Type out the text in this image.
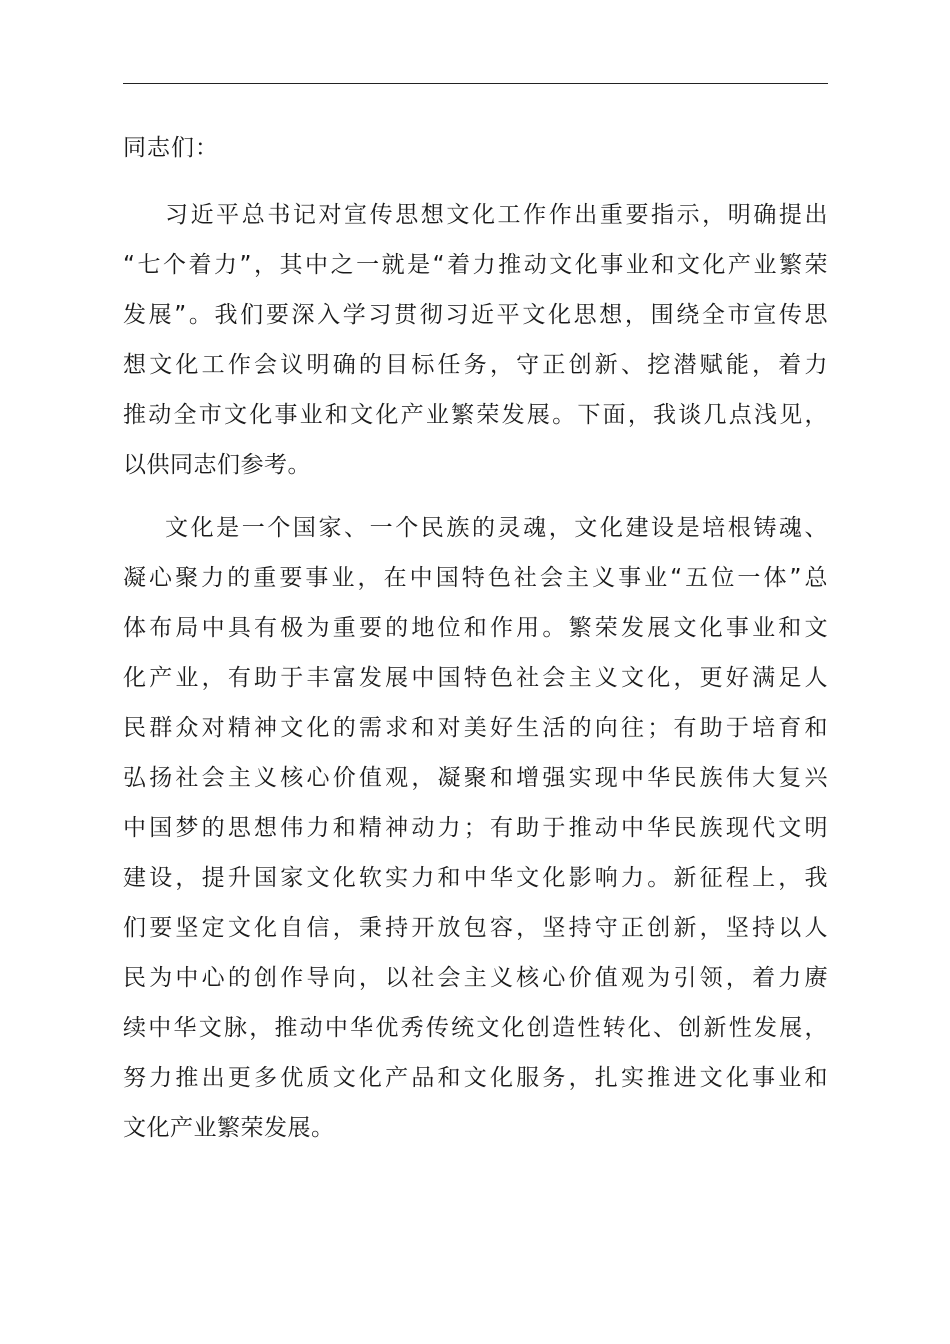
同志们：
习近平总书记对宣传思想文化工作作出重要指示，明确提出
“七个着力”，其中之一就是“着力推动文化事业和文化产业繁荣
发展”。我们要深入学习贯彻习近平文化思想，围绕全市宣传思
想文化工作会议明确的目标任务，守正创新、挖潜赋能，着力
推动全市文化事业和文化产业繁荣发展。下面，我谈几点浅见，
以供同志们参考。
文化是一个国家、一个民族的灵魂，文化建设是培根铸魂、
凝心聚力的重要事业，在中国特色社会主义事业“五位一体”总
体布局中具有极为重要的地位和作用。繁荣发展文化事业和文
化产业，有助于丰富发展中国特色社会主义文化，更好满足人
民群众对精神文化的需求和对美好生活的向往；有助于培育和
弘扬社会主义核心价值观，凝聚和增强实现中华民族伟大复兴
中国梦的思想伟力和精神动力；有助于推动中华民族现代文明
建设，提升国家文化软实力和中华文化影响力。新征程上，我
们要坚定文化自信，秉持开放包容，坚持守正创新，坚持以人
民为中心的创作导向，以社会主义核心价值观为引领，着力赓
续中华文脉，推动中华优秀传统文化创造性转化、创新性发展，
努力推出更多优质文化产品和文化服务，扎实推进文化事业和
文化产业繁荣发展。
